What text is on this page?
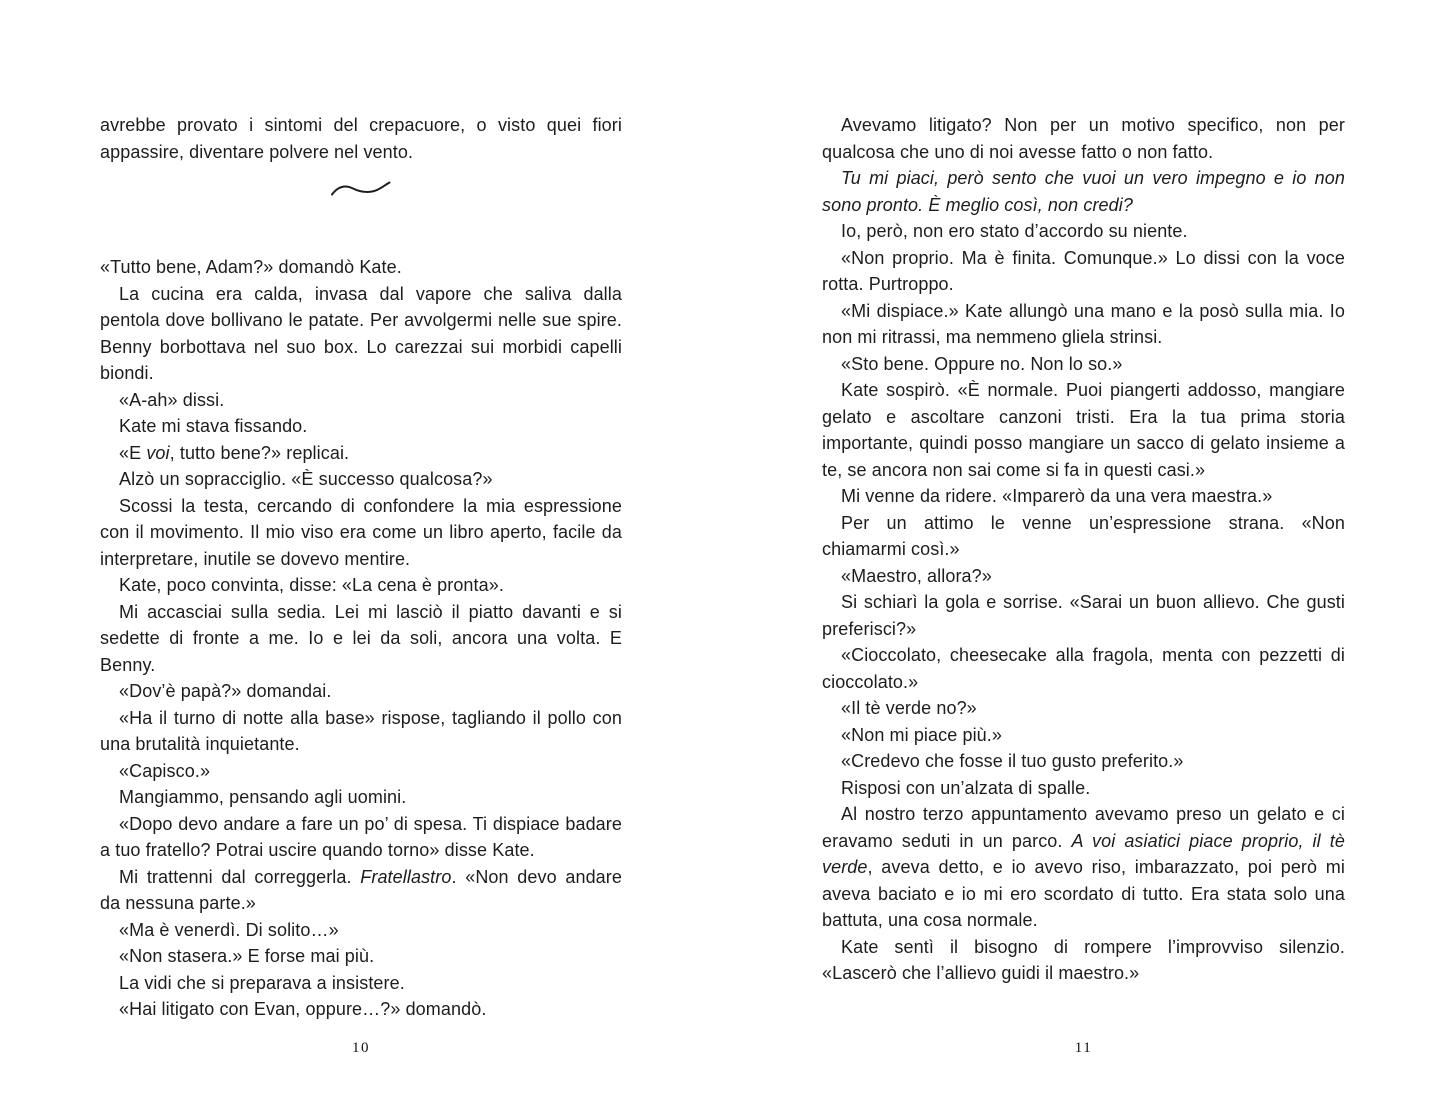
avrebbe provato i sintomi del crepacuore, o visto quei fiori appassire, diventare polvere nel vento.

«Tutto bene, Adam?» domandò Kate.

La cucina era calda, invasa dal vapore che saliva dalla pentola dove bollivano le patate. Per avvolgermi nelle sue spire. Benny borbottava nel suo box. Lo carezzai sui morbidi capelli biondi.

«A-ah» dissi.

Kate mi stava fissando.

«E voi, tutto bene?» replicai.

Alzò un sopracciglio. «È successo qualcosa?»

Scossi la testa, cercando di confondere la mia espressione con il movimento. Il mio viso era come un libro aperto, facile da interpretare, inutile se dovevo mentire.

Kate, poco convinta, disse: «La cena è pronta».

Mi accasciai sulla sedia. Lei mi lasciò il piatto davanti e si sedette di fronte a me. Io e lei da soli, ancora una volta. E Benny.

«Dov’è papà?» domandai.

«Ha il turno di notte alla base» rispose, tagliando il pollo con una brutalità inquietante.

«Capisco.»

Mangiammo, pensando agli uomini.

«Dopo devo andare a fare un po’ di spesa. Ti dispiace badare a tuo fratello? Potrai uscire quando torno» disse Kate.

Mi trattenni dal correggerla. Fratellastro. «Non devo andare da nessuna parte.»

«Ma è venerdì. Di solito…»

«Non stasera.» E forse mai più.

La vidi che si preparava a insistere.

«Hai litigato con Evan, oppure…?» domandò.

Avevamo litigato? Non per un motivo specifico, non per qualcosa che uno di noi avesse fatto o non fatto.

Tu mi piaci, però sento che vuoi un vero impegno e io non sono pronto. È meglio così, non credi?

Io, però, non ero stato d’accordo su niente.

«Non proprio. Ma è finita. Comunque.» Lo dissi con la voce rotta. Purtroppo.

«Mi dispiace.» Kate allungò una mano e la posò sulla mia. Io non mi ritrassi, ma nemmeno gliela strinsi.

«Sto bene. Oppure no. Non lo so.»

Kate sospirò. «È normale. Puoi piangerti addosso, mangiare gelato e ascoltare canzoni tristi. Era la tua prima storia importante, quindi posso mangiare un sacco di gelato insieme a te, se ancora non sai come si fa in questi casi.»

Mi venne da ridere. «Imparerò da una vera maestra.»

Per un attimo le venne un’espressione strana. «Non chiamarmi così.»

«Maestro, allora?»

Si schiarì la gola e sorrise. «Sarai un buon allievo. Che gusti preferisci?»

«Cioccolato, cheesecake alla fragola, menta con pezzetti di cioccolato.»

«Il tè verde no?»

«Non mi piace più.»

«Credevo che fosse il tuo gusto preferito.»

Risposi con un’alzata di spalle.

Al nostro terzo appuntamento avevamo preso un gelato e ci eravamo seduti in un parco. A voi asiatici piace proprio, il tè verde, aveva detto, e io avevo riso, imbarazzato, poi però mi aveva baciato e io mi ero scordato di tutto. Era stata solo una battuta, una cosa normale.

Kate sentì il bisogno di rompere l’improvviso silenzio. «Lascerò che l’allievo guidi il maestro.»

10	11
